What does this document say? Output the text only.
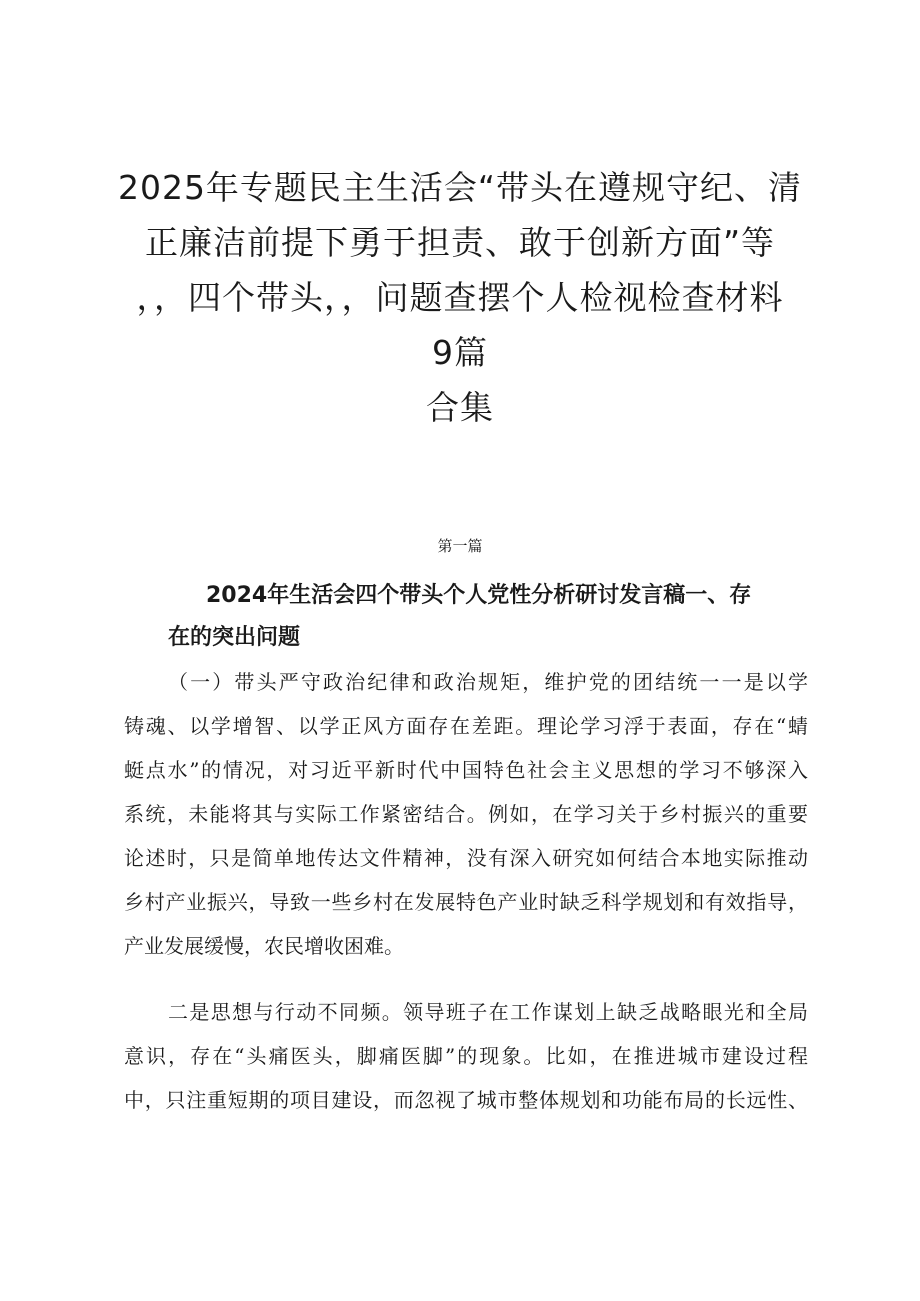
2025年专题民主生活会“带头在遵规守纪、清
正廉洁前提下勇于担责、敢于创新方面”等
，，四个带头，，问题查摆个人检视检查材料
9篇
合集
第一篇
2024年生活会四个带头个人党性分析研讨发言稿一、存
在的突出问题
（一）带头严守政治纪律和政治规矩，维护党的团结统一一是以学
铸魂、以学增智、以学正风方面存在差距。理论学习浮于表面，存在“蜻
蜓点水”的情况，对习近平新时代中国特色社会主义思想的学习不够深入
系统，未能将其与实际工作紧密结合。例如，在学习关于乡村振兴的重要
论述时，只是简单地传达文件精神，没有深入研究如何结合本地实际推动
乡村产业振兴，导致一些乡村在发展特色产业时缺乏科学规划和有效指导，
产业发展缓慢，农民增收困难。
二是思想与行动不同频。领导班子在工作谋划上缺乏战略眼光和全局
意识，存在“头痛医头，脚痛医脚”的现象。比如，在推进城市建设过程
中，只注重短期的项目建设，而忽视了城市整体规划和功能布局的长远性、
